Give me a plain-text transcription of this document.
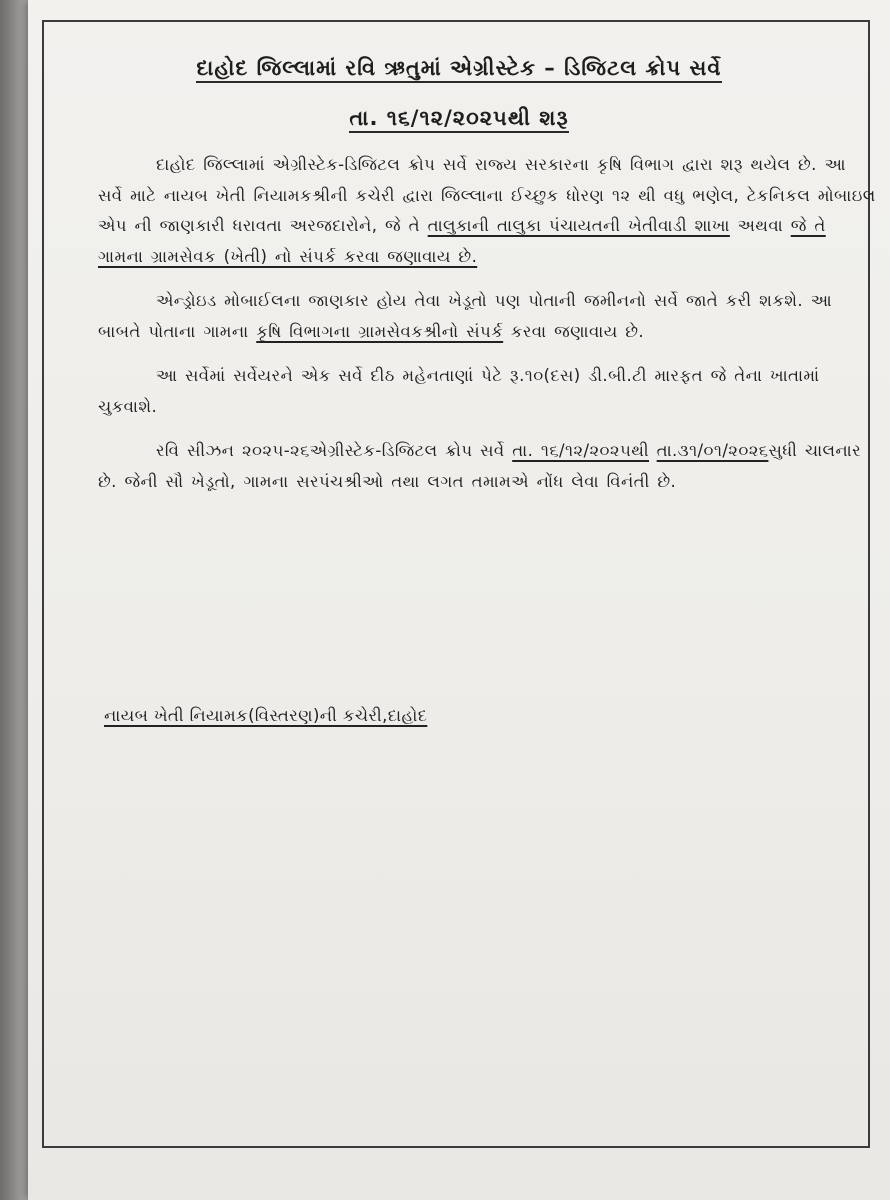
દાહોદ જિલ્લામાં રવિ ઋતુમાં એગ્રીસ્ટેક – ડિજિટલ ક્રોપ સર્વે
તા. ૧૬/૧૨/૨૦૨૫થી શરૂ

દાહોદ જિલ્લામાં એગ્રીસ્ટેક-ડિજિટલ ક્રોપ સર્વે રાજ્ય સરકારના કૃષિ વિભાગ દ્વારા શરૂ થયેલ છે. આ સર્વે માટે નાયબ ખેતી નિયામકશ્રીની કચેરી દ્વારા જિલ્લાના ઈચ્છુક ધોરણ ૧૨ થી વધુ ભણેલ, ટેકનિકલ મોબાઇલ એપ ની જાણકારી ધરાવતા અરજદારોને, જે તે તાલુકાની તાલુકા પંચાયતની ખેતીવાડી શાખા અથવા જે તે ગામના ગ્રામસેવક (ખેતી) નો સંપર્ક કરવા જણાવાય છે.

એન્ડ્રોઇડ મોબાઈલના જાણકાર હોય તેવા ખેડૂતો પણ પોતાની જમીનનો સર્વે જાતે કરી શકશે. આ બાબતે પોતાના ગામના કૃષિ વિભાગના ગ્રામસેવકશ્રીનો સંપર્ક કરવા જણાવાય છે.

આ સર્વેમાં સર્વેયરને એક સર્વે દીઠ મહેનતાણાં પેટે રૂ.૧૦(દસ) ડી.બી.ટી મારફત જે તેના ખાતામાં ચુકવાશે.

રવિ સીઝન ૨૦૨૫-૨૬એગ્રીસ્ટેક-ડિજિટલ ક્રોપ સર્વે તા. ૧૬/૧૨/૨૦૨૫થી તા.૩૧/૦૧/૨૦૨૬સુધી ચાલનાર છે. જેની સૌ ખેડૂતો, ગામના સરપંચશ્રીઓ તથા લગત તમામએ નોંધ લેવા વિનંતી છે.

નાયબ ખેતી નિયામક(વિસ્તરણ)ની કચેરી,દાહોદ
